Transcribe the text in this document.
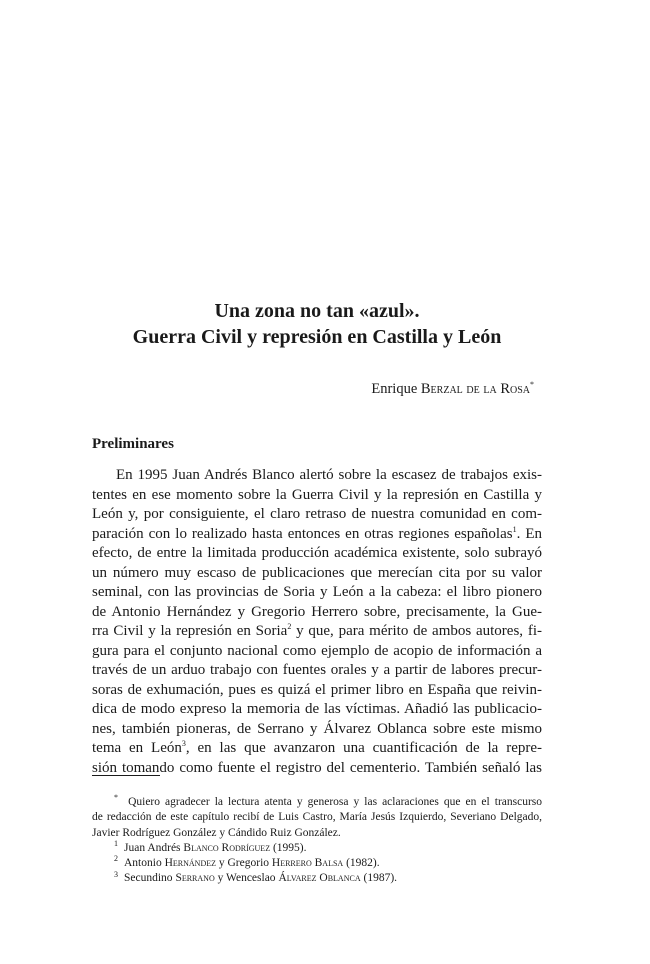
Una zona no tan «azul».
Guerra Civil y represión en Castilla y León
Enrique Berzal de la Rosa*
Preliminares
En 1995 Juan Andrés Blanco alertó sobre la escasez de trabajos exis-
tentes en ese momento sobre la Guerra Civil y la represión en Castilla y
León y, por consiguiente, el claro retraso de nuestra comunidad en com-
paración con lo realizado hasta entonces en otras regiones españolas$^1$. En
efecto, de entre la limitada producción académica existente, solo subrayó
un número muy escaso de publicaciones que merecían cita por su valor
seminal, con las provincias de Soria y León a la cabeza: el libro pionero
de Antonio Hernández y Gregorio Herrero sobre, precisamente, la Gue-
rra Civil y la represión en Soria$^2$ y que, para mérito de ambos autores, fi-
gura para el conjunto nacional como ejemplo de acopio de información a
través de un arduo trabajo con fuentes orales y a partir de labores precur-
soras de exhumación, pues es quizá el primer libro en España que reivin-
dica de modo expreso la memoria de las víctimas. Añadió las publicacio-
nes, también pioneras, de Serrano y Álvarez Oblanca sobre este mismo
tema en León$^3$, en las que avanzaron una cuantificación de la repre-
sión tomando como fuente el registro del cementerio. También señaló las
* Quiero agradecer la lectura atenta y generosa y las aclaraciones que en el transcurso
de redacción de este capítulo recibí de Luis Castro, María Jesús Izquierdo, Severiano Delgado,
Javier Rodríguez González y Cándido Ruiz González.
$^1$ Juan Andrés Blanco Rodríguez (1995).
$^2$ Antonio Hernández y Gregorio Herrero Balsa (1982).
$^3$ Secundino Serrano y Wenceslao Álvarez Oblanca (1987).
